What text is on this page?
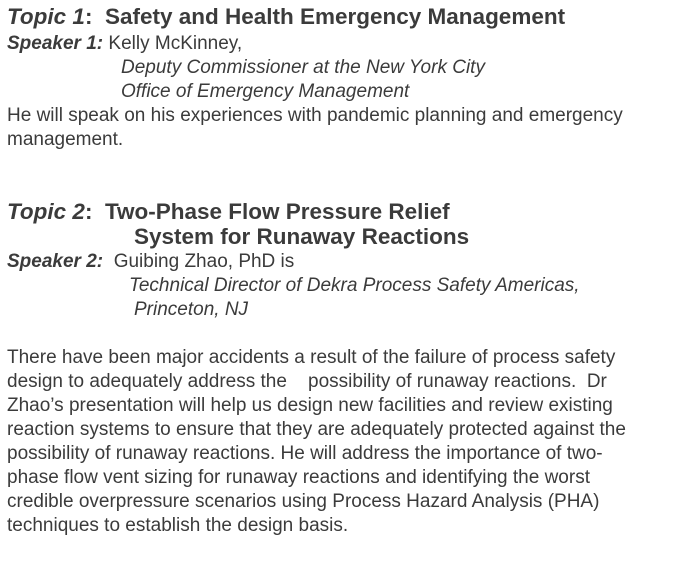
Topic 1:  Safety and Health Emergency Management
Speaker 1: Kelly McKinney,
Deputy Commissioner at the New York City
Office of Emergency Management
He will speak on his experiences with pandemic planning and emergency
management.
Topic 2:  Two-Phase Flow Pressure Relief
System for Runaway Reactions
Speaker 2: Guibing Zhao, PhD is
Technical Director of Dekra Process Safety Americas,
Princeton, NJ
There have been major accidents a result of the failure of process safety
design to adequately address the    possibility of runaway reactions.  Dr
Zhao’s presentation will help us design new facilities and review existing
reaction systems to ensure that they are adequately protected against the
possibility of runaway reactions. He will address the importance of two-
phase flow vent sizing for runaway reactions and identifying the worst
credible overpressure scenarios using Process Hazard Analysis (PHA)
techniques to establish the design basis.
